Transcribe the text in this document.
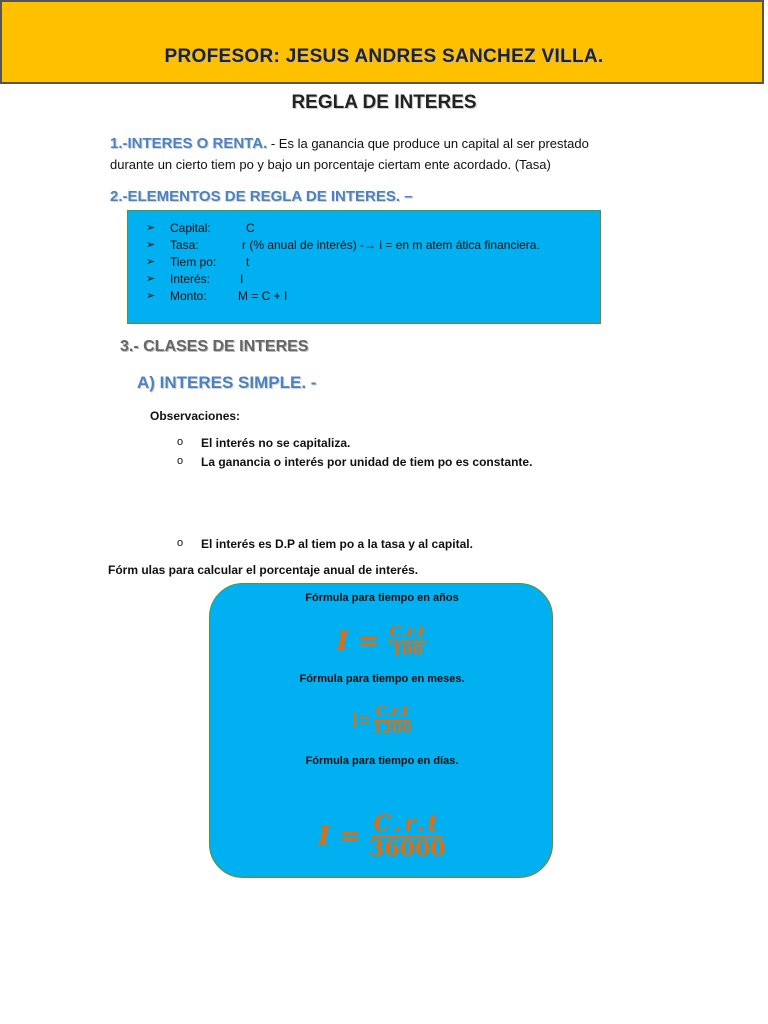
PROFESOR: JESUS ANDRES SANCHEZ VILLA.
REGLA DE INTERES
1.-INTERES O RENTA. - Es la ganancia que produce un capital al ser prestado
durante un cierto tiem po y bajo un porcentaje ciertam ente acordado. (Tasa)
2.-ELEMENTOS DE REGLA DE INTERES. –
➢ Capital:	C
➢ Tasa:	r (% anual de interés) -→ i = en m atem ática financiera.
➢ Tiem po: t
➢ Interés: I
➢ Monto:	M = C + I
3.- CLASES DE INTERES
A) INTERES SIMPLE. -
Observaciones:
o El interés no se capitaliza.
o La ganancia o interés por unidad de tiem po es constante.
o El interés es D.P al tiem po a la tasa y al capital.
Fórm ulas para calcular el porcentaje anual de interés.
Fórmula para tiempo en años
$I = \frac{C.r.t}{100}$
Fórmula para tiempo en meses.
$I= \frac{C.r.t}{1200}$
Fórmula para tiempo en días.
$I = \frac{C.r.t}{36000}$
